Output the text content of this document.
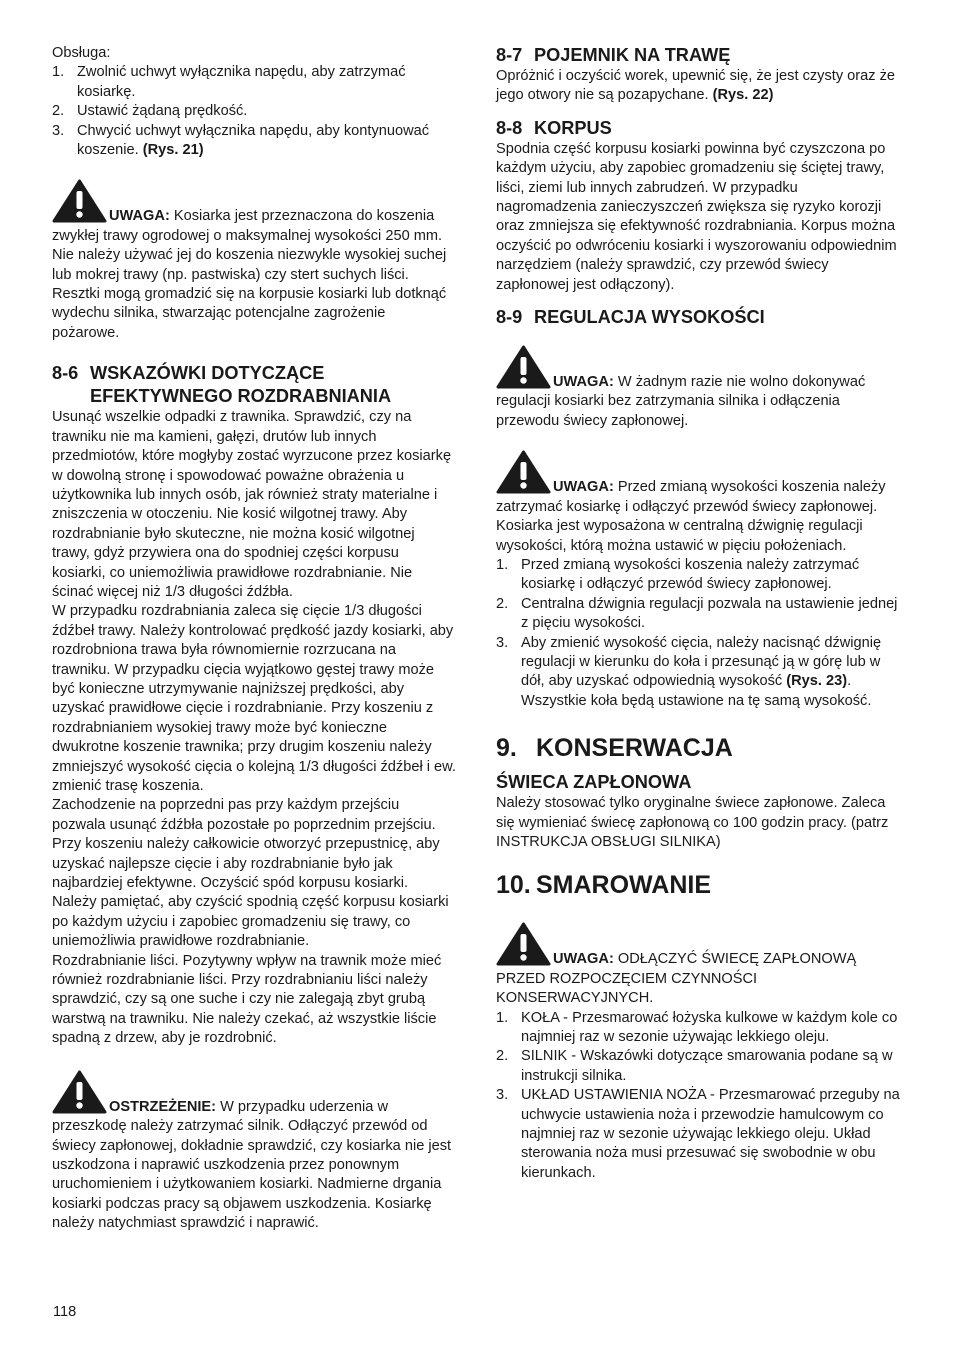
Obsługa:

1. Zwolnić uchwyt wyłącznika napędu, aby zatrzymać kosiarkę.
2. Ustawić żądaną prędkość.
3. Chwycić uchwyt wyłącznika napędu, aby kontynuować koszenie. (Rys. 21)

UWAGA: Kosiarka jest przeznaczona do koszenia zwykłej trawy ogrodowej o maksymalnej wysokości 250 mm.

Nie należy używać jej do koszenia niezwykle wysokiej suchej lub mokrej trawy (np. pastwiska) czy stert suchych liści. Resztki mogą gromadzić się na korpusie kosiarki lub dotknąć wydechu silnika, stwarzając potencjalne zagrożenie pożarowe.

8-6 WSKAZÓWKI DOTYCZĄCE
EFEKTYWNEGO ROZDRABNIANIA

Usunąć wszelkie odpadki z trawnika. Sprawdzić, czy na trawniku nie ma kamieni, gałęzi, drutów lub innych przedmiotów, które mogłyby zostać wyrzucone przez kosiarkę w dowolną stronę i spowodować poważne obrażenia u użytkownika lub innych osób, jak również straty materialne i zniszczenia w otoczeniu. Nie kosić wilgotnej trawy. Aby rozdrabnianie było skuteczne, nie można kosić wilgotnej trawy, gdyż przywiera ona do spodniej części korpusu kosiarki, co uniemożliwia prawidłowe rozdrabnianie. Nie ścinać więcej niż 1/3 długości źdźbła.

W przypadku rozdrabniania zaleca się cięcie 1/3 długości źdźbeł trawy. Należy kontrolować prędkość jazdy kosiarki, aby rozdrobniona trawa była równomiernie rozrzucana na trawniku. W przypadku cięcia wyjątkowo gęstej trawy może być konieczne utrzymywanie najniższej prędkości, aby uzyskać prawidłowe cięcie i rozdrabnianie. Przy koszeniu z rozdrabnianiem wysokiej trawy może być konieczne dwukrotne koszenie trawnika; przy drugim koszeniu należy zmniejszyć wysokość cięcia o kolejną 1/3 długości źdźbeł i ew. zmienić trasę koszenia.

Zachodzenie na poprzedni pas przy każdym przejściu pozwala usunąć źdźbła pozostałe po poprzednim przejściu. Przy koszeniu należy całkowicie otworzyć przepustnicę, aby uzyskać najlepsze cięcie i aby rozdrabnianie było jak najbardziej efektywne. Oczyścić spód korpusu kosiarki.

Należy pamiętać, aby czyścić spodnią część korpusu kosiarki po każdym użyciu i zapobiec gromadzeniu się trawy, co uniemożliwia prawidłowe rozdrabnianie.

Rozdrabnianie liści. Pozytywny wpływ na trawnik może mieć również rozdrabnianie liści. Przy rozdrabnianiu liści należy sprawdzić, czy są one suche i czy nie zalegają zbyt grubą warstwą na trawniku. Nie należy czekać, aż wszystkie liście spadną z drzew, aby je rozdrobnić.

OSTRZEŻENIE: W przypadku uderzenia w przeszkodę należy zatrzymać silnik. Odłączyć przewód od świecy zapłonowej, dokładnie sprawdzić, czy kosiarka nie jest uszkodzona i naprawić uszkodzenia przez ponownym uruchomieniem i użytkowaniem kosiarki. Nadmierne drgania kosiarki podczas pracy są objawem uszkodzenia. Kosiarkę należy natychmiast sprawdzić i naprawić.

8-7 POJEMNIK NA TRAWĘ

Opróżnić i oczyścić worek, upewnić się, że jest czysty oraz że jego otwory nie są pozapychane. (Rys. 22)

8-8 KORPUS

Spodnia część korpusu kosiarki powinna być czyszczona po każdym użyciu, aby zapobiec gromadzeniu się ściętej trawy, liści, ziemi lub innych zabrudzeń. W przypadku nagromadzenia zanieczyszczeń zwiększa się ryzyko korozji oraz zmniejsza się efektywność rozdrabniania. Korpus można oczyścić po odwróceniu kosiarki i wyszorowaniu odpowiednim narzędziem (należy sprawdzić, czy przewód świecy zapłonowej jest odłączony).

8-9 REGULACJA WYSOKOŚCI

UWAGA: W żadnym razie nie wolno dokonywać regulacji kosiarki bez zatrzymania silnika i odłączenia przewodu świecy zapłonowej.

UWAGA: Przed zmianą wysokości koszenia należy zatrzymać kosiarkę i odłączyć przewód świecy zapłonowej.

Kosiarka jest wyposażona w centralną dźwignię regulacji wysokości, którą można ustawić w pięciu położeniach.

1. Przed zmianą wysokości koszenia należy zatrzymać kosiarkę i odłączyć przewód świecy zapłonowej.
2. Centralna dźwignia regulacji pozwala na ustawienie jednej z pięciu wysokości.
3. Aby zmienić wysokość cięcia, należy nacisnąć dźwignię regulacji w kierunku do koła i przesunąć ją w górę lub w dół, aby uzyskać odpowiednią wysokość (Rys. 23). Wszystkie koła będą ustawione na tę samą wysokość.
9. KONSERWACJA
ŚWIECA ZAPŁONOWA

Należy stosować tylko oryginalne świece zapłonowe. Zaleca się wymieniać świecę zapłonową co 100 godzin pracy. (patrz INSTRUKCJA OBSŁUGI SILNIKA)

10. SMAROWANIE

UWAGA: ODŁĄCZYĆ ŚWIECĘ ZAPŁONOWĄ PRZED ROZPOCZĘCIEM CZYNNOŚCI KONSERWACYJNYCH.

1. KOŁA - Przesmarować łożyska kulkowe w każdym kole co najmniej raz w sezonie używając lekkiego oleju.
2. SILNIK - Wskazówki dotyczące smarowania podane są w instrukcji silnika.
3. UKŁAD USTAWIENIA NOŻA - Przesmarować przeguby na uchwycie ustawienia noża i przewodzie hamulcowym co najmniej raz w sezonie używając lekkiego oleju. Układ sterowania noża musi przesuwać się swobodnie w obu kierunkach.
118
